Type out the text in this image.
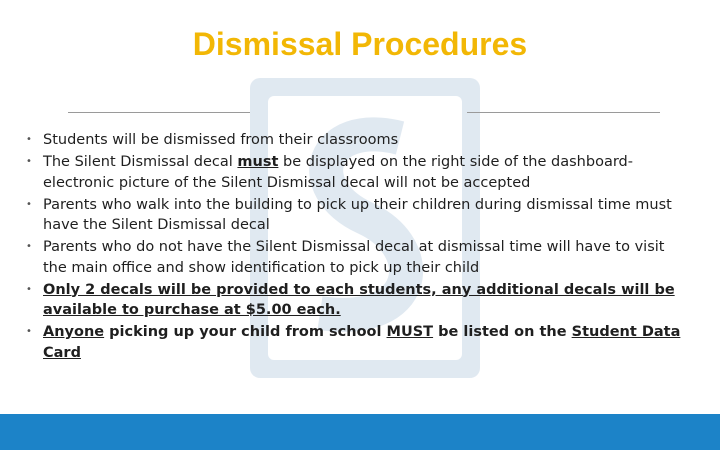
Dismissal Procedures
• Students will be dismissed from their classrooms
• The Silent Dismissal decal must be displayed on the right side of the dashboard- electronic picture of the Silent Dismissal decal will not be accepted
• Parents who walk into the building to pick up their children during dismissal time must have the Silent Dismissal decal
• Parents who do not have the Silent Dismissal decal at dismissal time will have to visit the main office and show identification to pick up their child
• Only 2 decals will be provided to each students, any additional decals will be available to purchase at $5.00 each.
• Anyone picking up your child from school MUST be listed on the Student Data Card
